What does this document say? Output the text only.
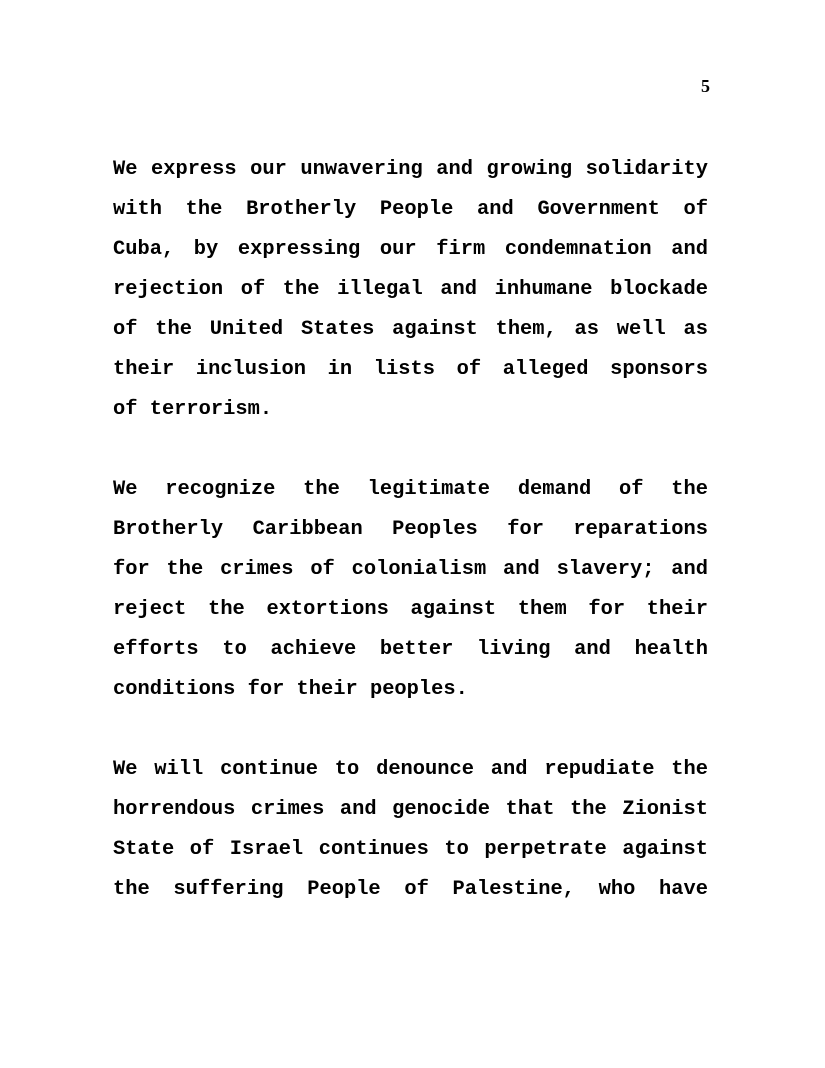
5
We express our unwavering and growing solidarity
with the Brotherly People and Government of
Cuba, by expressing our firm condemnation and
rejection of the illegal and inhumane blockade
of the United States against them, as well as
their inclusion in lists of alleged sponsors
of terrorism.
We recognize the legitimate demand of the
Brotherly Caribbean Peoples for reparations
for the crimes of colonialism and slavery; and
reject the extortions against them for their
efforts to achieve better living and health
conditions for their peoples.
We will continue to denounce and repudiate the
horrendous crimes and genocide that the Zionist
State of Israel continues to perpetrate against
the suffering People of Palestine, who have
